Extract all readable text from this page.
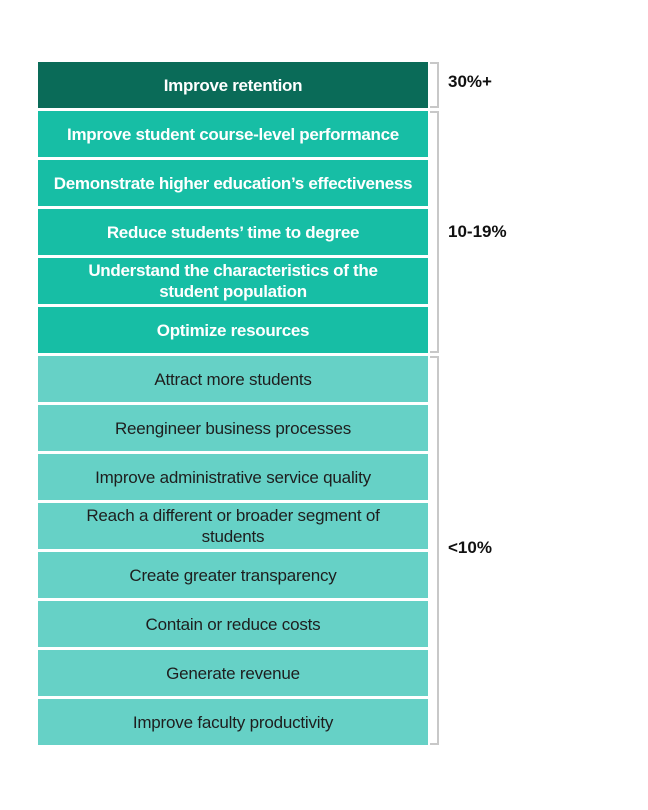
Improve retention
Improve student course-level performance
Demonstrate higher education’s effectiveness
Reduce students’ time to degree
Understand the characteristics of the student population
Optimize resources
Attract more students
Reengineer business processes
Improve administrative service quality
Reach a different or broader segment of students
Create greater transparency
Contain or reduce costs
Generate revenue
Improve faculty productivity
30%+
10-19%
<10%
